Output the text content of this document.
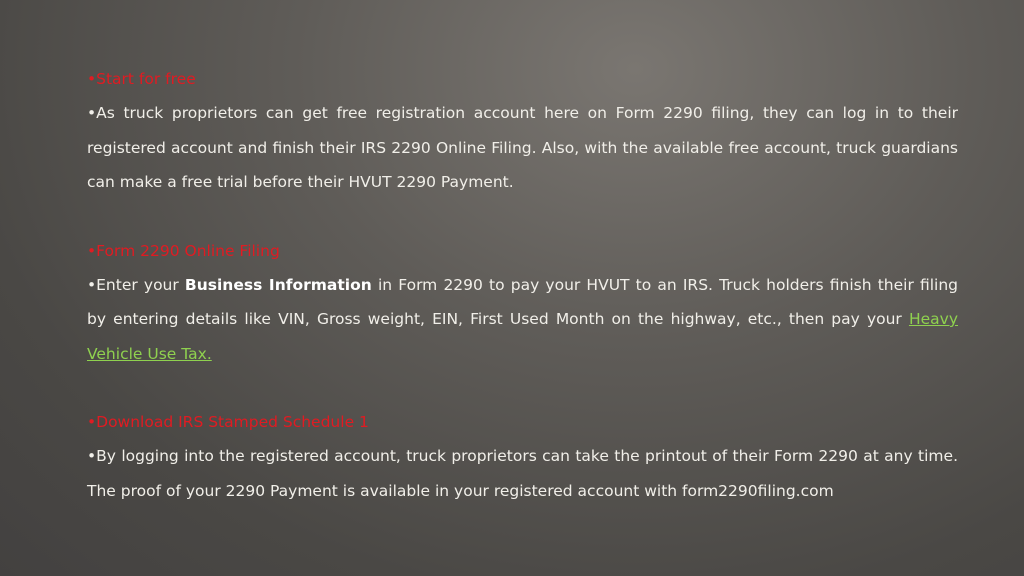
•Start for free

•As truck proprietors can get free registration account here on Form 2290 filing, they can log in to their registered account and finish their IRS 2290 Online Filing. Also, with the available free account, truck guardians can make a free trial before their HVUT 2290 Payment.

•Form 2290 Online Filing

•Enter your Business Information in Form 2290 to pay your HVUT to an IRS. Truck holders finish their filing by entering details like VIN, Gross weight, EIN, First Used Month on the highway, etc., then pay your Heavy Vehicle Use Tax.

•Download IRS Stamped Schedule 1

•By logging into the registered account, truck proprietors can take the printout of their Form 2290 at any time. The proof of your 2290 Payment is available in your registered account with form2290filing.com
